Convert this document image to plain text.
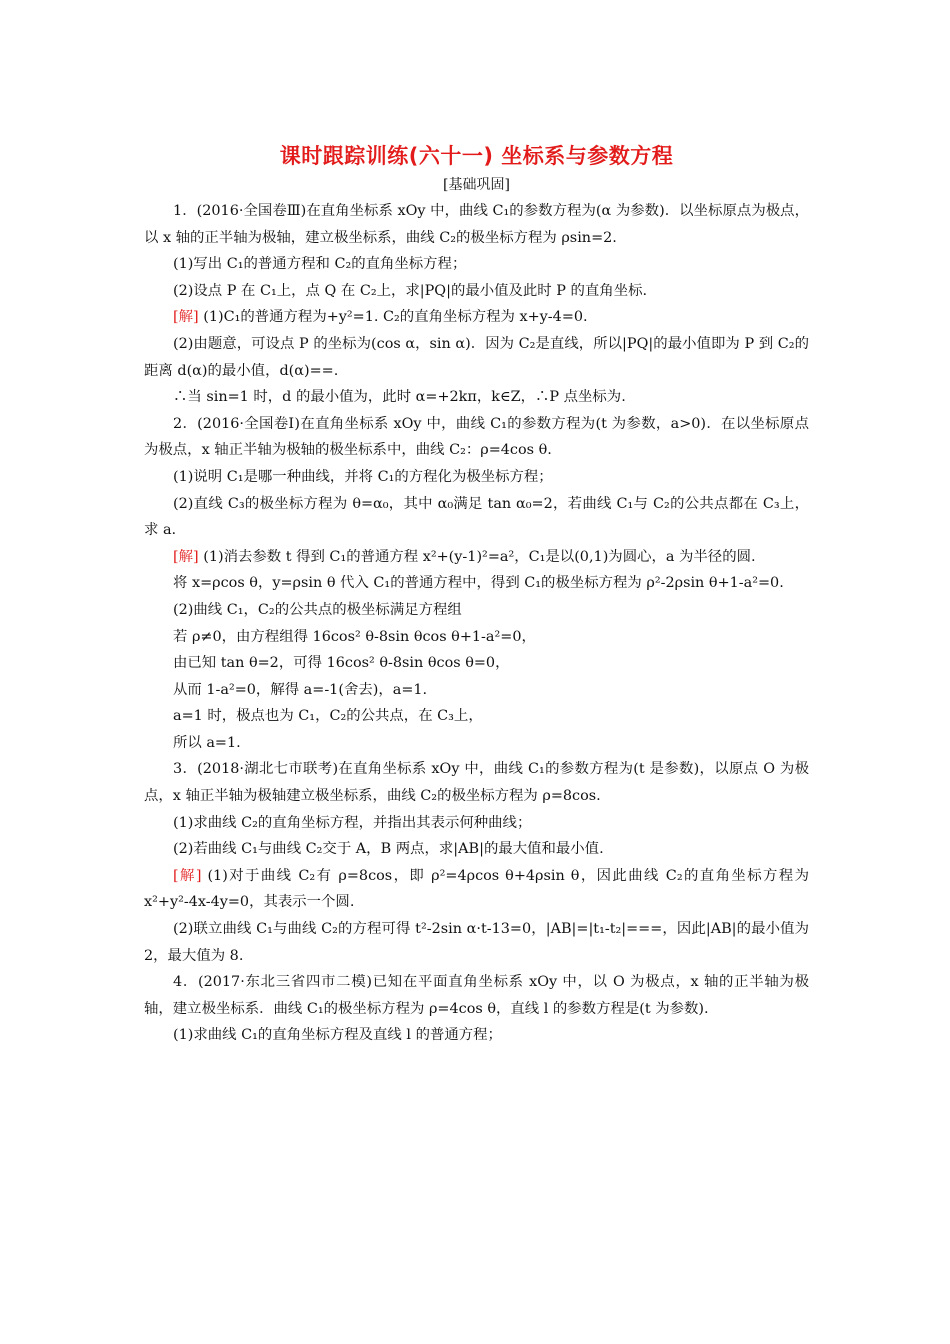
课时跟踪训练(六十一) 坐标系与参数方程
[基础巩固]
1．(2016·全国卷Ⅲ)在直角坐标系 xOy 中，曲线 C₁的参数方程为(α 为参数)．以坐标原点为极点，以 x 轴的正半轴为极轴，建立极坐标系，曲线 C₂的极坐标方程为 ρsin=2.
(1)写出 C₁的普通方程和 C₂的直角坐标方程；
(2)设点 P 在 C₁上，点 Q 在 C₂上，求|PQ|的最小值及此时 P 的直角坐标.
[解] (1)C₁的普通方程为+y²=1. C₂的直角坐标方程为 x+y-4=0.
(2)由题意，可设点 P 的坐标为(cos α，sin α)．因为 C₂是直线，所以|PQ|的最小值即为 P 到 C₂的距离 d(α)的最小值，d(α)==.
∴当 sin=1 时，d 的最小值为，此时 α=+2kπ，k∈Z，∴P 点坐标为.
2．(2016·全国卷Ⅰ)在直角坐标系 xOy 中，曲线 C₁的参数方程为(t 为参数，a>0)．在以坐标原点为极点，x 轴正半轴为极轴的极坐标系中，曲线 C₂：ρ=4cos θ.
(1)说明 C₁是哪一种曲线，并将 C₁的方程化为极坐标方程；
(2)直线 C₃的极坐标方程为 θ=α₀，其中 α₀满足 tan α₀=2，若曲线 C₁与 C₂的公共点都在 C₃上，求 a.
[解] (1)消去参数 t 得到 C₁的普通方程 x²+(y-1)²=a²，C₁是以(0,1)为圆心，a 为半径的圆.
将 x=ρcos θ，y=ρsin θ 代入 C₁的普通方程中，得到 C₁的极坐标方程为 ρ²-2ρsin θ+1-a²=0.
(2)曲线 C₁，C₂的公共点的极坐标满足方程组
若 ρ≠0，由方程组得 16cos² θ-8sin θcos θ+1-a²=0，
由已知 tan θ=2，可得 16cos² θ-8sin θcos θ=0，
从而 1-a²=0，解得 a=-1(舍去)，a=1.
a=1 时，极点也为 C₁，C₂的公共点，在 C₃上，
所以 a=1.
3．(2018·湖北七市联考)在直角坐标系 xOy 中，曲线 C₁的参数方程为(t 是参数)，以原点 O 为极点，x 轴正半轴为极轴建立极坐标系，曲线 C₂的极坐标方程为 ρ=8cos.
(1)求曲线 C₂的直角坐标方程，并指出其表示何种曲线；
(2)若曲线 C₁与曲线 C₂交于 A，B 两点，求|AB|的最大值和最小值.
[解] (1)对于曲线 C₂有 ρ=8cos，即 ρ²=4ρcos θ+4ρsin θ，因此曲线 C₂的直角坐标方程为 x²+y²-4x-4y=0，其表示一个圆.
(2)联立曲线 C₁与曲线 C₂的方程可得 t²-2sin α·t-13=0，|AB|=|t₁-t₂|===，因此|AB|的最小值为 2，最大值为 8.
4．(2017·东北三省四市二模)已知在平面直角坐标系 xOy 中，以 O 为极点，x 轴的正半轴为极轴，建立极坐标系．曲线 C₁的极坐标方程为 ρ=4cos θ，直线 l 的参数方程是(t 为参数).
(1)求曲线 C₁的直角坐标方程及直线 l 的普通方程；
